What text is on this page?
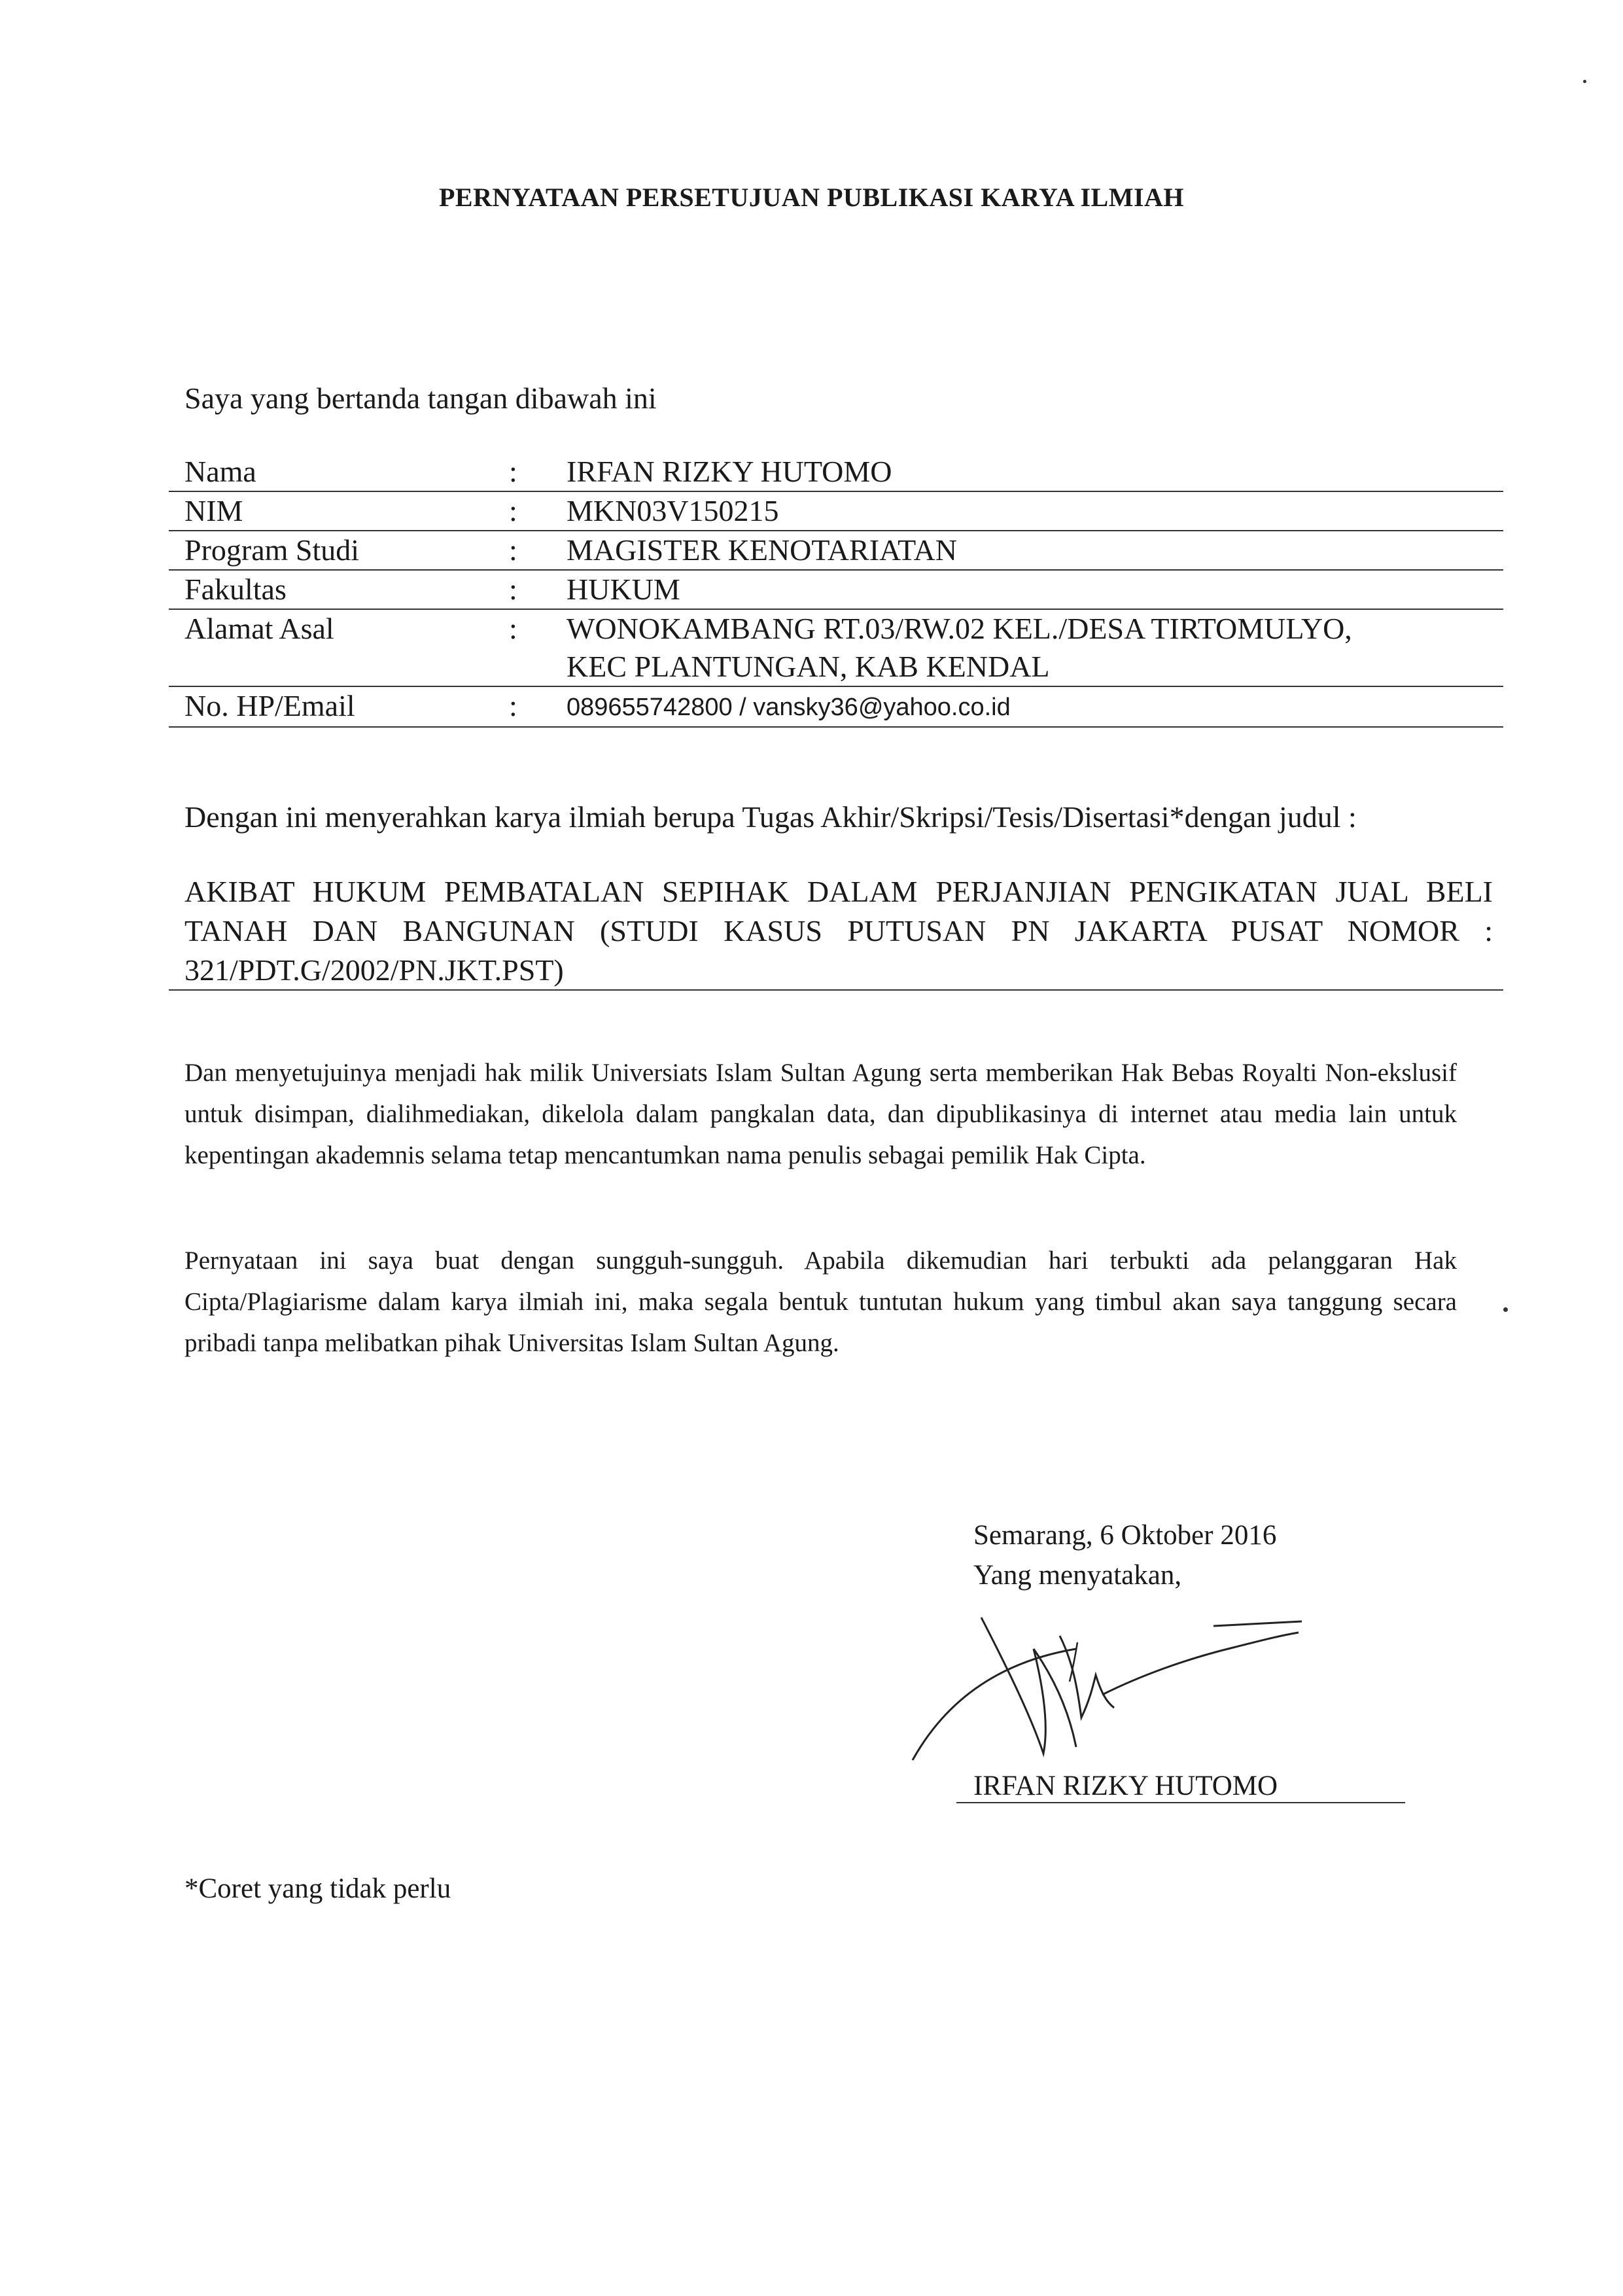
PERNYATAAN PERSETUJUAN PUBLIKASI KARYA ILMIAH
Saya yang bertanda tangan dibawah ini
Nama	: IRFAN RIZKY HUTOMO
NIM	: MKN03V150215
Program Studi	: MAGISTER KENOTARIATAN
Fakultas	: HUKUM
Alamat Asal	: WONOKAMBANG RT.03/RW.02 KEL./DESA TIRTOMULYO,
KEC PLANTUNGAN, KAB KENDAL
No. HP/Email	: 089655742800 / vansky36@yahoo.co.id
Dengan ini menyerahkan karya ilmiah berupa Tugas Akhir/Skripsi/Tesis/Disertasi*dengan judul :
AKIBAT HUKUM PEMBATALAN SEPIHAK DALAM PERJANJIAN PENGIKATAN JUAL BELI TANAH DAN BANGUNAN (STUDI KASUS PUTUSAN PN JAKARTA PUSAT NOMOR : 321/PDT.G/2002/PN.JKT.PST)
Dan menyetujuinya menjadi hak milik Universiats Islam Sultan Agung serta memberikan Hak Bebas Royalti Non-ekslusif untuk disimpan, dialihmediakan, dikelola dalam pangkalan data, dan dipublikasinya di internet atau media lain untuk kepentingan akademnis selama tetap mencantumkan nama penulis sebagai pemilik Hak Cipta.
Pernyataan ini saya buat dengan sungguh-sungguh. Apabila dikemudian hari terbukti ada pelanggaran Hak Cipta/Plagiarisme dalam karya ilmiah ini, maka segala bentuk tuntutan hukum yang timbul akan saya tanggung secara pribadi tanpa melibatkan pihak Universitas Islam Sultan Agung.
Semarang, 6 Oktober 2016
Yang menyatakan,
IRFAN RIZKY HUTOMO
*Coret yang tidak perlu
